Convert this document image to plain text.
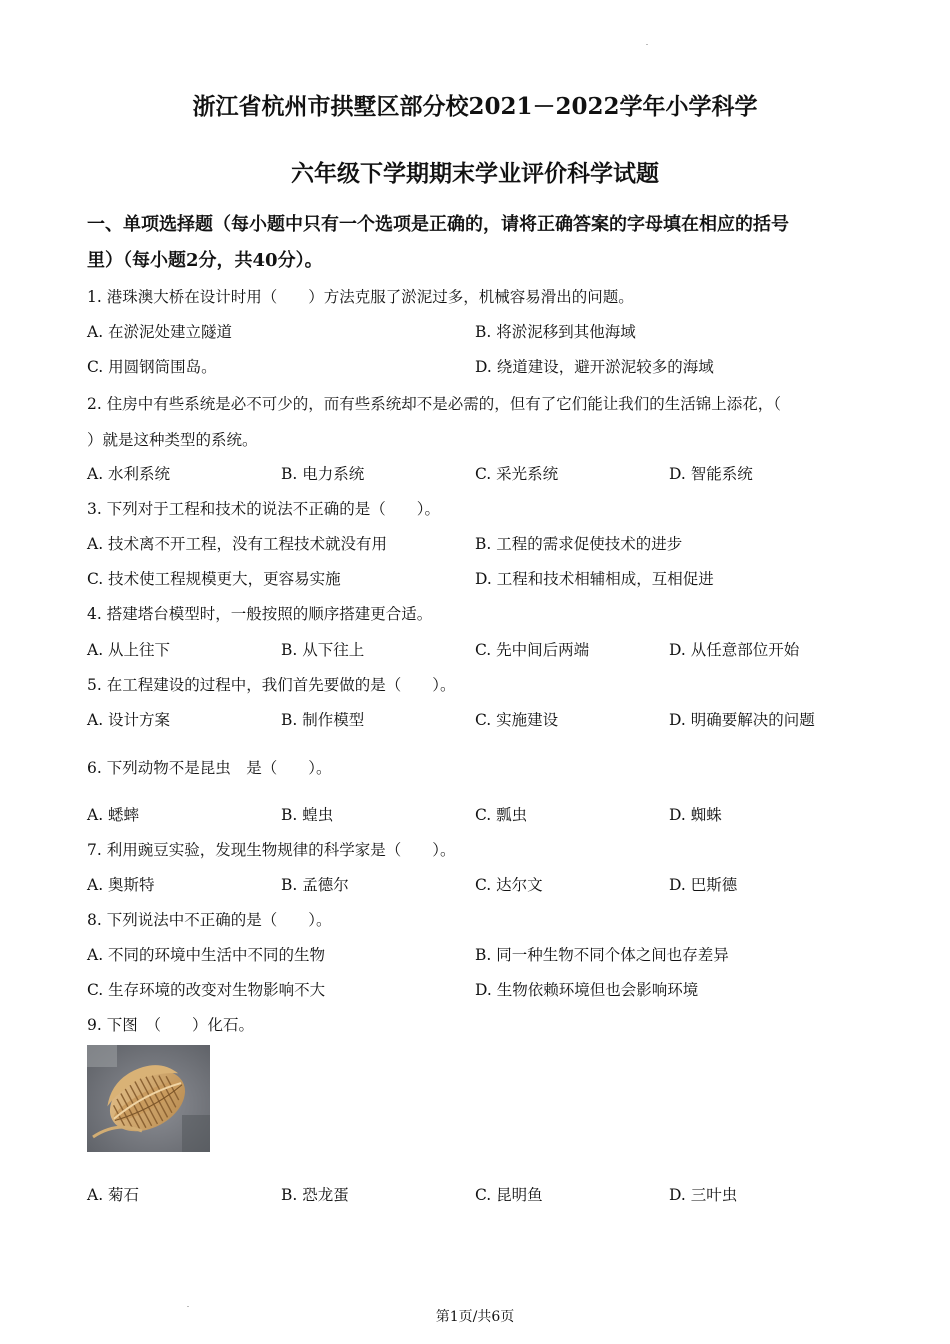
浙江省杭州市拱墅区部分校2021－2022学年小学科学
六年级下学期期末学业评价科学试题
一、单项选择题（每小题中只有一个选项是正确的，请将正确答案的字母填在相应的括号
里）（每小题2分，共40分）。
1. 港珠澳大桥在设计时用（　　）方法克服了淤泥过多，机械容易滑出的问题。
A. 在淤泥处建立隧道	B. 将淤泥移到其他海域
C. 用圆钢筒围岛。	D. 绕道建设，避开淤泥较多的海域
2. 住房中有些系统是必不可少的，而有些系统却不是必需的，但有了它们能让我们的生活锦上添花，（
）就是这种类型的系统。
A. 水利系统	B. 电力系统	C. 采光系统	D. 智能系统
3. 下列对于工程和技术的说法不正确的是（　　）。
A. 技术离不开工程，没有工程技术就没有用	B. 工程的需求促使技术的进步
C. 技术使工程规模更大，更容易实施	D. 工程和技术相辅相成，互相促进
4. 搭建塔台模型时，一般按照的顺序搭建更合适。
A. 从上往下	B. 从下往上	C. 先中间后两端	D. 从任意部位开始
5. 在工程建设的过程中，我们首先要做的是（　　）。
A. 设计方案	B. 制作模型	C. 实施建设	D. 明确要解决的问题
6. 下列动物不是昆虫　是（　　）。
A. 蟋蟀	B. 蝗虫	C. 瓢虫	D. 蜘蛛
7. 利用豌豆实验，发现生物规律的科学家是（　　）。
A. 奥斯特	B. 孟德尔	C. 达尔文	D. 巴斯德
8. 下列说法中不正确的是（　　）。
A. 不同的环境中生活中不同的生物	B. 同一种生物不同个体之间也存差异
C. 生存环境的改变对生物影响不大	D. 生物依赖环境但也会影响环境
9. 下图　（　　）化石。
A. 菊石	B. 恐龙蛋	C. 昆明鱼	D. 三叶虫
第1页/共6页
